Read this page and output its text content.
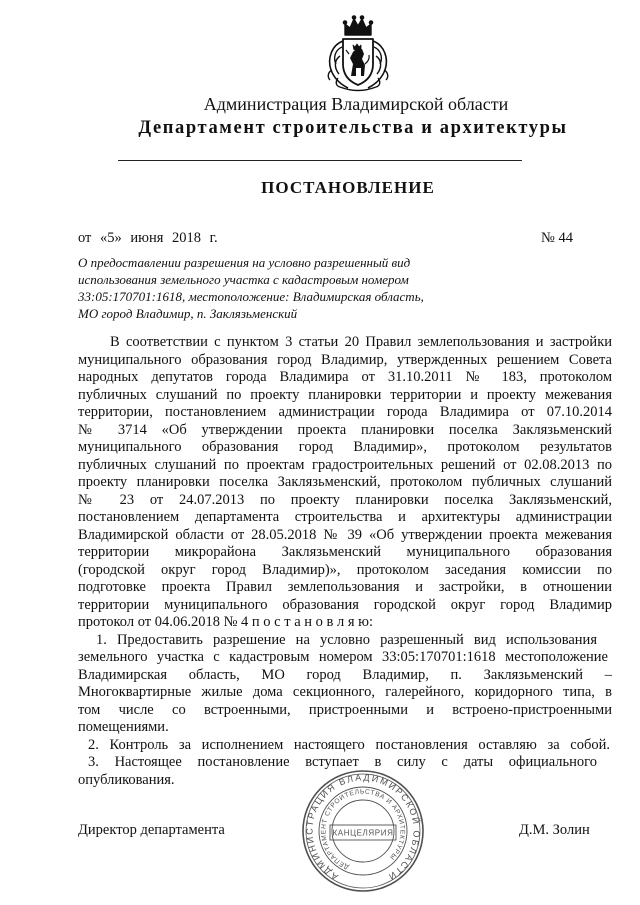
Администрация Владимирской области
Департамент строительства и архитектуры
ПОСТАНОВЛЕНИЕ
от «5» июня 2018 г.	№ 44
О предоставлении разрешения на условно разрешенный вид
использования земельного участка с кадастровым номером
33:05:170701:1618, местоположение: Владимирская область,
МО город Владимир, п. Заклязьменский
В соответствии с пунктом 3 статьи 20 Правил землепользования и застройки
муниципального образования город Владимир, утвержденных решением Совета
народных депутатов города Владимира от 31.10.2011 № 183, протоколом
публичных слушаний по проекту планировки территории и проекту межевания
территории, постановлением администрации города Владимира от 07.10.2014
№ 3714 «Об утверждении проекта планировки поселка Заклязьменский
муниципального образования город Владимир», протоколом результатов
публичных слушаний по проектам градостроительных решений от 02.08.2013 по
проекту планировки поселка Заклязьменский, протоколом публичных слушаний
№ 23 от 24.07.2013 по проекту планировки поселка Заклязьменский,
постановлением департамента строительства и архитектуры администрации
Владимирской области от 28.05.2018 № 39 «Об утверждении проекта межевания
территории микрорайона Заклязьменский муниципального образования
(городской округ город Владимир)», протоколом заседания комиссии по
подготовке проекта Правил землепользования и застройки, в отношении
территории муниципального образования городской округ город Владимир
протокол от 04.06.2018 № 4 п о с т а н о в л я ю:
1. Предоставить разрешение на условно разрешенный вид использования
земельного участка с кадастровым номером 33:05:170701:1618 местоположение
Владимирская область, МО город Владимир, п. Заклязьменский –
Многоквартирные жилые дома секционного, галерейного, коридорного типа, в
том числе со встроенными, пристроенными и встроено-пристроенными
помещениями.
2. Контроль за исполнением настоящего постановления оставляю за собой.
3. Настоящее постановление вступает в силу с даты официального
опубликования.
АДМИНИСТРАЦИЯ ВЛАДИМИРСКОЙ ОБЛАСТИ
ДЕПАРТАМЕНТ СТРОИТЕЛЬСТВА И АРХИТЕКТУРЫ
КАНЦЕЛЯРИЯ
Директор департамента	Д.М. Золин
